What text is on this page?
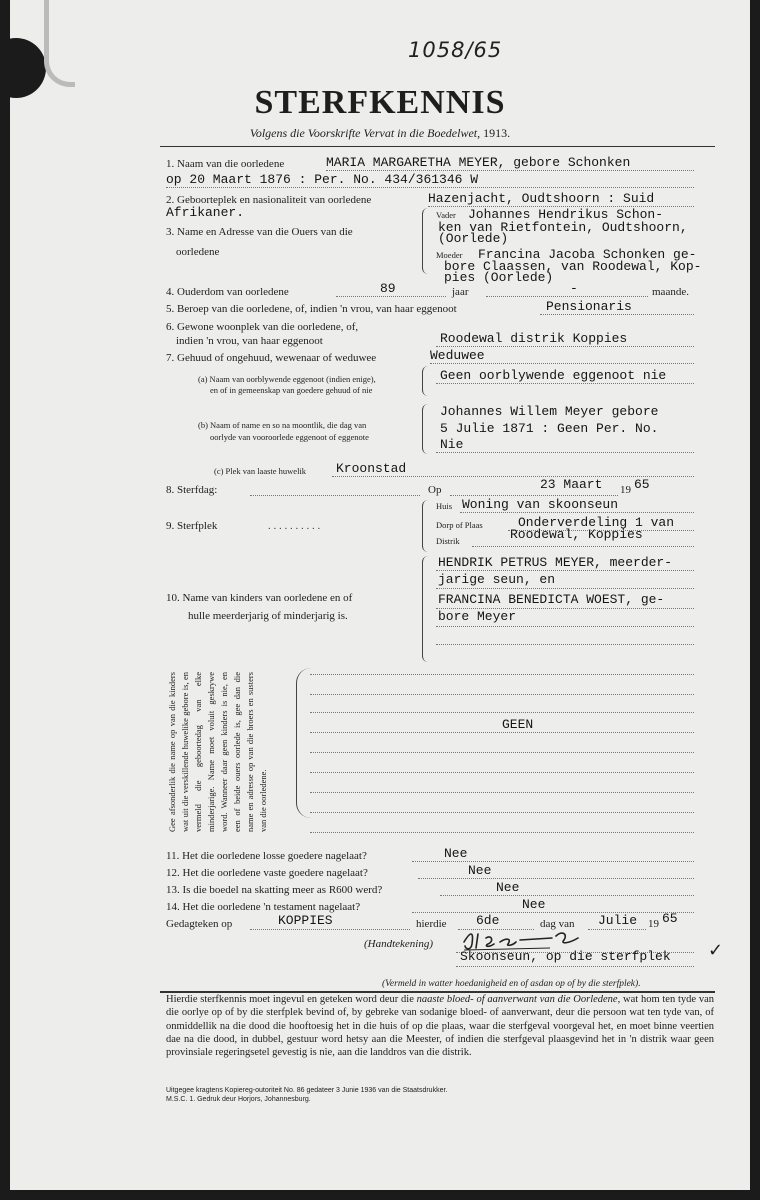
1058/65
STERFKENNIS
Volgens die Voorskrifte Vervat in die Boedelwet, 1913.
1. Naam van die oorledene	MARIA MARGARETHA MEYER, gebore Schonken
op 20 Maart 1876 : Per. No. 434/361346 W
2. Geboorteplek en nasionaliteit van oorledene	Hazenjacht, Oudtshoorn : Suid
Afrikaner.
3. Name en Adresse van die Ouers van die
oorledene
Vader Johannes Hendrikus Schon-
ken van Rietfontein, Oudtshoorn,
(Oorlede)
Moeder Francina Jacoba Schonken ge-
bore Claassen, van Roodewal, Kop-
pies (Oorlede)
4. Ouderdom van oorledene	89	jaar	-	maande.
5. Beroep van die oorledene, of, indien 'n vrou, van haar eggenoot	Pensionaris
6. Gewone woonplek van die oorledene, of,
indien 'n vrou, van haar eggenoot	Roodewal distrik Koppies
7. Gehuud of ongehuud, wewenaar of weduwee	Weduwee
(a) Naam van oorblywende eggenoot (indien enige),
en of in gemeenskap van goedere gehuud of nie
Geen oorblywende eggenoot nie
(b) Naam of name en so na moontlik, die dag van
oorlyde van vooroorlede eggenoot of eggenote
Johannes Willem Meyer gebore
5 Julie 1871 : Geen Per. No.
Nie
(c) Plek van laaste huwelik Kroonstad
8. Sterfdag:	Op	23 Maart 19 65
9. Sterfplek	. . . . . . . . . .
Huis Woning van skoonseun
Dorp of Plaas	Onderverdeling 1 van
Distrik	Roodewal, Koppies
10. Name van kinders van oorledene en of
hulle meerderjarig of minderjarig is.
HENDRIK PETRUS MEYER, meerder-
jarige seun, en
FRANCINA BENEDICTA WOEST, ge-
bore Meyer
Gee afsonderlik die name op van die kinders wat uit die verskillende huwelike gebore is, en vermeld die geboortedag van elke minderjarige. Name moet voluit geskrywe word. Wanneer daar geen kinders is nie, en een of beide ouers oorlede is, gee dan die name en adresse op van die broers en susters van die oorledene.
GEEN
11. Het die oorledene losse goedere nagelaat?	Nee
12. Het die oorledene vaste goedere nagelaat?	Nee
13. Is die boedel na skatting meer as R600 werd?	Nee
14. Het die oorledene 'n testament nagelaat?	Nee
Gedagteken op	KOPPIES	hierdie 6de	dag van Julie 19 65
(Handtekening)
Skoonseun, op die sterfplek ✓
(Vermeld in watter hoedanigheid en of asdan op of by die sterfplek).
Hierdie sterfkennis moet ingevul en geteken word deur die naaste bloed- of aanverwant van die Oorledene, wat hom ten tyde van die oorlye op of by die sterfplek bevind of, by gebreke van sodanige bloed- of aanverwant, deur die persoon wat ten tyde van, of onmiddellik na die dood die hooftoesig het in die huis of op die plaas, waar die sterfgeval voorgeval het, en moet binne veertien dae na die dood, in dubbel, gestuur word hetsy aan die Meester, of indien die sterfgeval plaasgevind het in 'n distrik waar geen provinsiale regeringsetel gevestig is nie, aan die landdros van die distrik.
Uitgegee kragtens Kopiereg-outoriteit No. 86 gedateer 3 Junie 1936 van die Staatsdrukker.
M.S.C. 1. Gedruk deur Horjors, Johannesburg.
